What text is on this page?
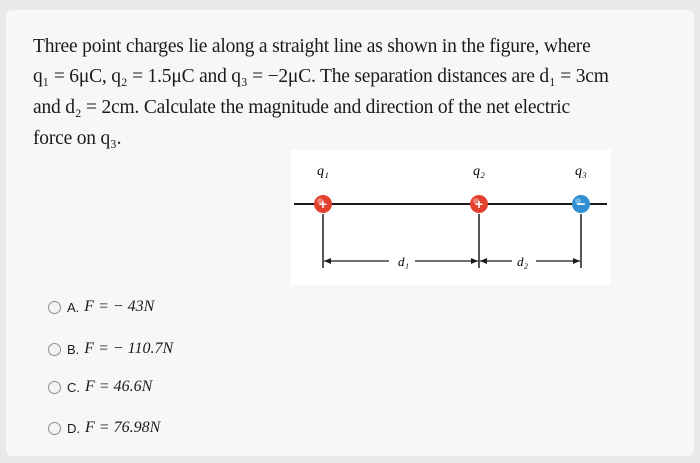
Three point charges lie along a straight line as shown in the figure, where
q₁ = 6μC, q₂ = 1.5μC and q₃ = −2μC. The separation distances are d₁ = 3cm
and d₂ = 2cm. Calculate the magnitude and direction of the net electric
force on q₃.
q₁	q₂	q₃
d₁	d₂
+	+	−
A. F = − 43N
B. F = − 110.7N
C. F = 46.6N
D. F = 76.98N
